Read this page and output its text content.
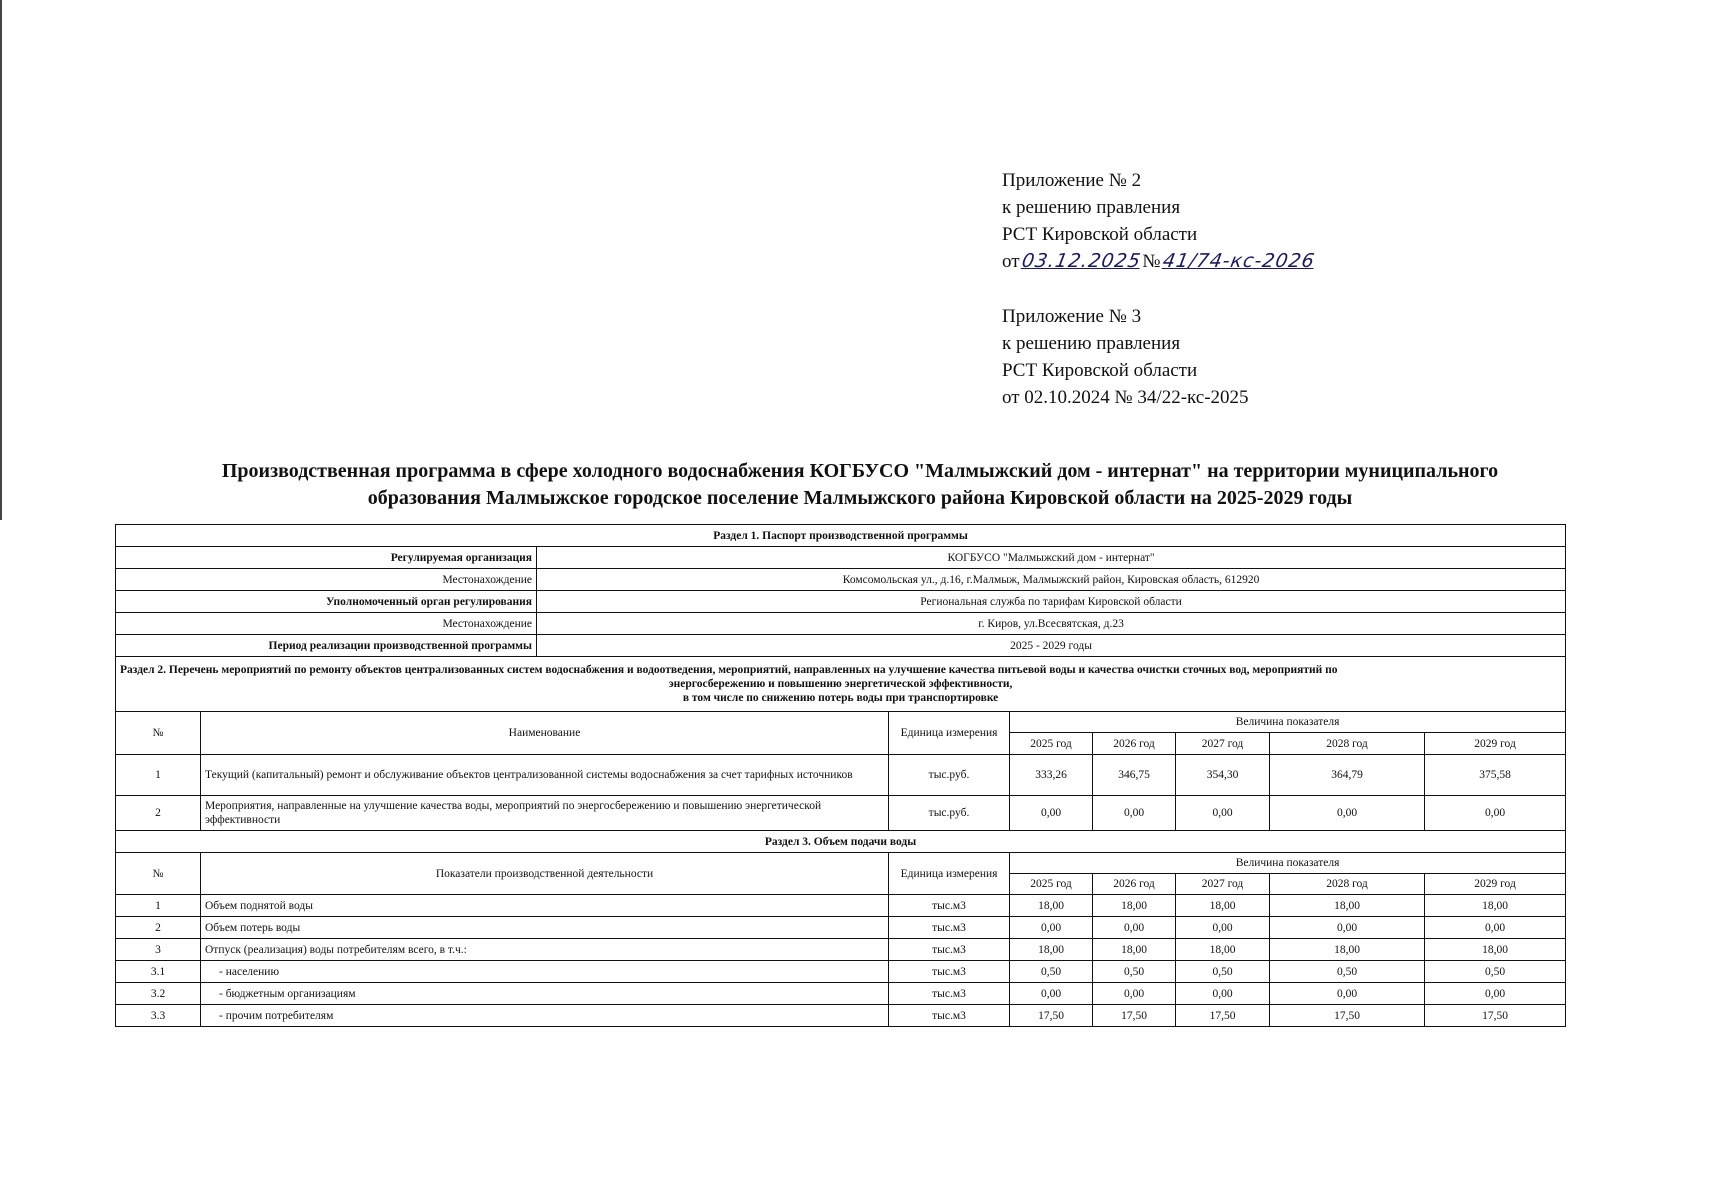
Приложение № 2
к решению правления
РСТ Кировской области
от 03.12.2025 № 41/74-кс-2026
Приложение № 3
к решению правления
РСТ Кировской области
от 02.10.2024 № 34/22-кс-2025
Производственная программа в сфере холодного водоснабжения КОГБУСО "Малмыжский дом - интернат" на территории муниципального
образования Малмыжское городское поселение Малмыжского района Кировской области на 2025-2029 годы
Раздел 1. Паспорт производственной программы								
Регулируемая организация		КОГБУСО "Малмыжский дом - интернат"						
Местонахождение		Комсомольская ул., д.16, г.Малмыж, Малмыжский район, Кировская область, 612920						
Уполномоченный орган регулирования		Региональная служба по тарифам Кировской области						
Местонахождение		г. Киров, ул.Всесвятская, д.23						
Период реализации производственной программы		2025 - 2029 годы						

Раздел 2. Перечень мероприятий по ремонту объектов централизованных систем водоснабжения и водоотведения, мероприятий, направленных на улучшение качества питьевой воды и качества очистки сточных вод, мероприятий по
энергосбережению и повышению энергетической эффективности,
в том числе по снижению потерь воды при транспортировке								

№	Наименование		Единица измерения	Величина показателя				
				2025 год	2026 год	2027 год	2028 год	2029 год
1	Текущий (капитальный) ремонт и обслуживание объектов централизованной системы водоснабжения за счет тарифных источников		тыс.руб.	333,26	346,75	354,30	364,79	375,58
2	Мероприятия, направленные на улучшение качества воды, мероприятий по энергосбережению и повышению энергетической эффективности		тыс.руб.	0,00	0,00	0,00	0,00	0,00
Раздел 3. Объем подачи воды								
№	Показатели производственной деятельности		Единица измерения	Величина показателя				
				2025 год	2026 год	2027 год	2028 год	2029 год
1	Объем поднятой воды		тыс.м3	18,00	18,00	18,00	18,00	18,00
2	Объем потерь воды		тыс.м3	0,00	0,00	0,00	0,00	0,00
3	Отпуск (реализация) воды потребителям всего, в т.ч.:		тыс.м3	18,00	18,00	18,00	18,00	18,00
3.1	- населению		тыс.м3	0,50	0,50	0,50	0,50	0,50
3.2	- бюджетным организациям		тыс.м3	0,00	0,00	0,00	0,00	0,00
3.3	- прочим потребителям		тыс.м3	17,50	17,50	17,50	17,50	17,50
